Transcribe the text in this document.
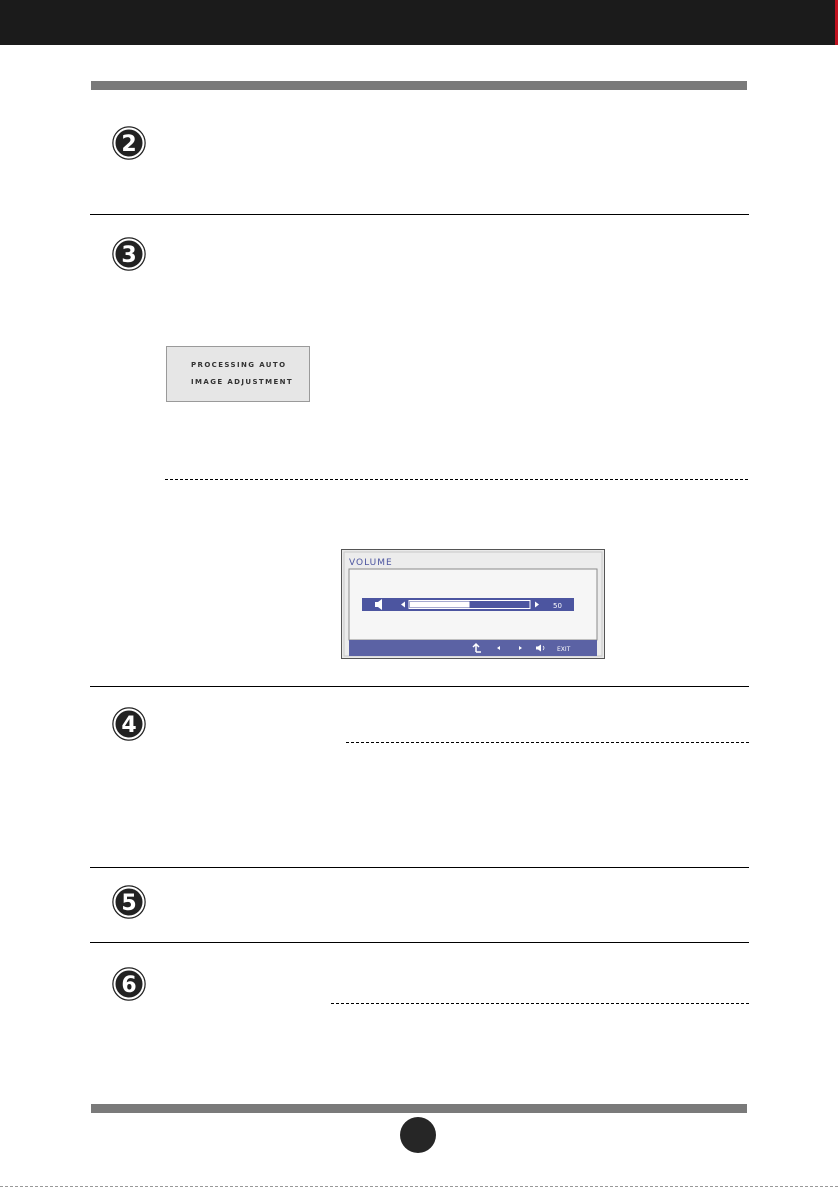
2
3
PROCESSING AUTO
IMAGE ADJUSTMENT
VOLUME
50
EXIT
4
5
6
